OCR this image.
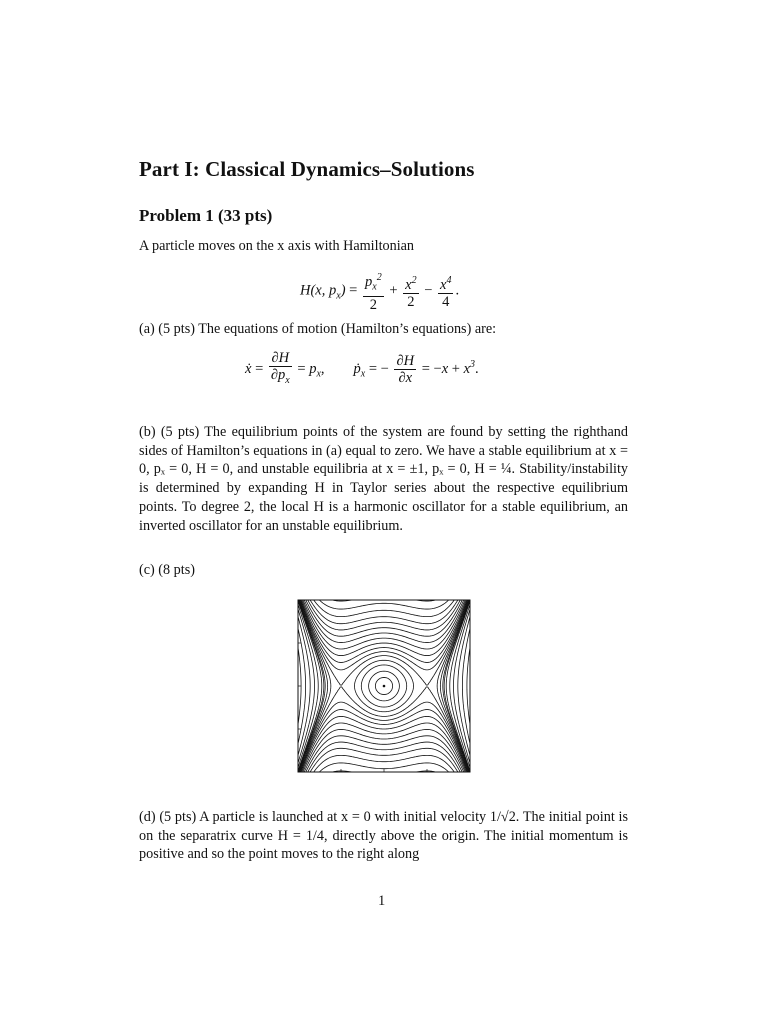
Part I: Classical Dynamics–Solutions
Problem 1 (33 pts)
A particle moves on the x axis with Hamiltonian
H(x, $p_x) = \frac{p_x^2}{2} + \frac{x^2}{2} - \frac{x^4}{4}$ .
(a) (5 pts) The equations of motion (Hamilton’s equations) are:
ẋ = $\frac{\partial H}{\partial p_x} = p_x$,        $ṗ_x$ = − $\frac{\partial H}{\partial x} = -x + x^3$.
(b) (5 pts) The equilibrium points of the system are found by setting the righthand sides of Hamilton’s equations in (a) equal to zero. We have a stable equilibrium at x = 0, pₓ = 0, H = 0, and unstable equilibria at x = ±1, pₓ = 0, H = ¼. Stability/instability is determined by expanding H in Taylor series about the respective equilibrium points. To degree 2, the local H is a harmonic oscillator for a stable equilibrium, an inverted oscillator for an unstable equilibrium.
(c) (8 pts)
(d) (5 pts) A particle is launched at x = 0 with initial velocity 1/√2. The initial point is on the separatrix curve H = 1/4, directly above the origin. The initial momentum is positive and so the point moves to the right along
1
